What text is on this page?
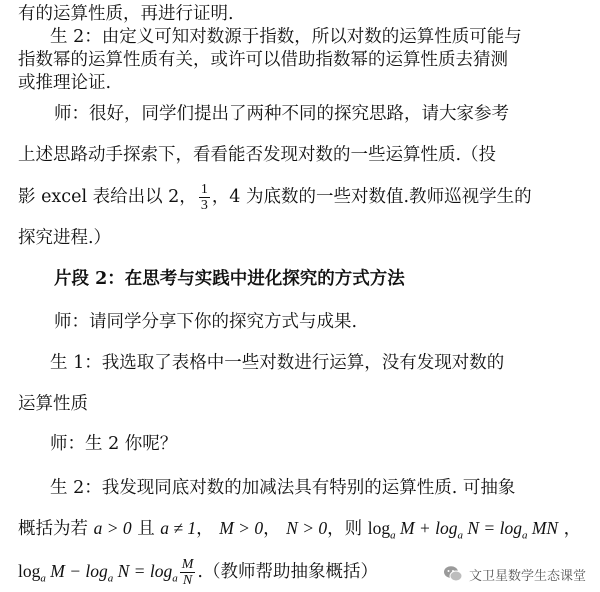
有的运算性质，再进行证明.
生 2：由定义可知对数源于指数，所以对数的运算性质可能与
指数幂的运算性质有关，或许可以借助指数幂的运算性质去猜测
或推理论证.
师：很好，同学们提出了两种不同的探究思路，请大家参考
上述思路动手探索下，看看能否发现对数的一些运算性质.（投
影 excel 表给出以 2， $\frac{1}{3}$ ，4 为底数的一些对数值.教师巡视学生的
探究进程.）
片段 2：在思考与实践中进化探究的方式方法
师：请同学分享下你的探究方式与成果.
生 1：我选取了表格中一些对数进行运算，没有发现对数的
运算性质
师：生 2 你呢？
生 2：我发现同底对数的加减法具有特别的运算性质. 可抽象
概括为若 a > 0 且 a ≠ 1， M > 0， N > 0，则 $\log_a M + \log_a N = \log_a$ MN ，
$\log_a M - \log_a N = \log_a \frac{M}{N}$ .（教师帮助抽象概括）	文卫星数学生态课堂
